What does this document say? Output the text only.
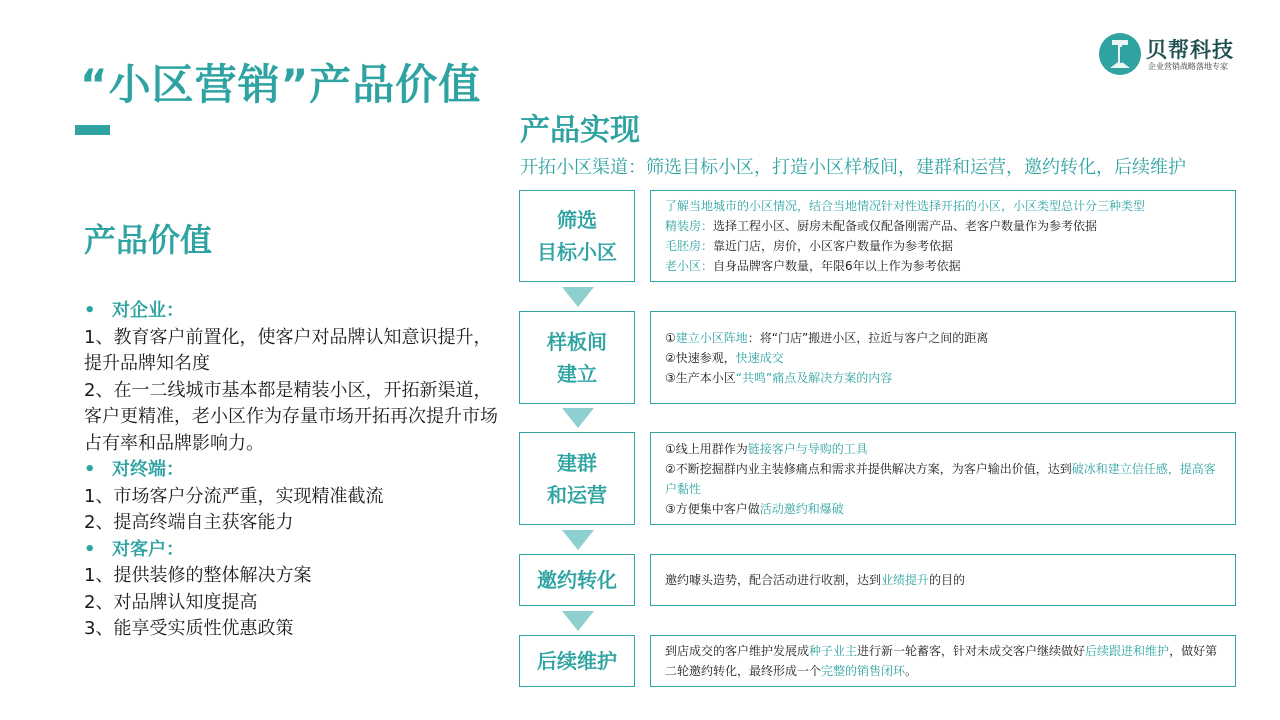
“小区营销”产品价值
贝帮科技
企业营销战略落地专家
产品价值
• 对企业：
1、教育客户前置化，使客户对品牌认知意识提升，提升品牌知名度
2、在一二线城市基本都是精装小区，开拓新渠道，客户更精准，老小区作为存量市场开拓再次提升市场占有率和品牌影响力。
• 对终端：
1、市场客户分流严重，实现精准截流
2、提高终端自主获客能力
• 对客户：
1、提供装修的整体解决方案
2、对品牌认知度提高
3、能享受实质性优惠政策
产品实现
开拓小区渠道：筛选目标小区，打造小区样板间，建群和运营，邀约转化，后续维护
筛选
目标小区
了解当地城市的小区情况，结合当地情况针对性选择开拓的小区，小区类型总计分三种类型
精装房：选择工程小区、厨房未配备或仅配备刚需产品、老客户数量作为参考依据
毛胚房：靠近门店，房价，小区客户数量作为参考依据
老小区：自身品牌客户数量，年限6年以上作为参考依据
样板间
建立
①建立小区阵地：将“门店”搬进小区，拉近与客户之间的距离
②快速参观，快速成交
③生产本小区“共鸣”痛点及解决方案的内容
建群
和运营
①线上用群作为链接客户与导购的工具
②不断挖掘群内业主装修痛点和需求并提供解决方案，为客户输出价值，达到破冰和建立信任感，提高客户黏性
③方便集中客户做活动邀约和爆破
邀约转化	邀约噱头造势，配合活动进行收割，达到业绩提升的目的
后续维护	到店成交的客户维护发展成种子业主进行新一轮蓄客，针对未成交客户继续做好后续跟进和维护，做好第二轮邀约转化，最终形成一个完整的销售闭环。
